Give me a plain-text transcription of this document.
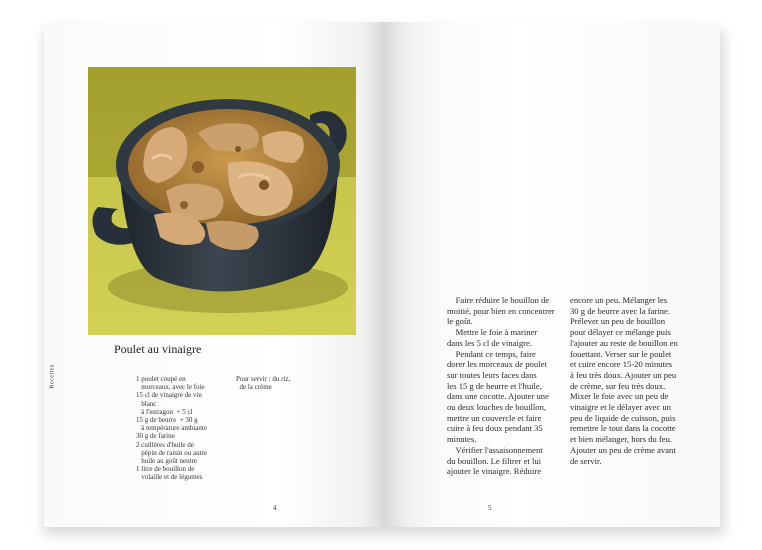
Recettes
Poulet au vinaigre
1 poulet coupé en
morceaux, avec le foie
15 cl de vinaigre de vin
blanc
à l'estragon  + 5 cl
15 g de beurre  + 30 g
à température ambiante
30 g de farine
2 cuillères d'huile de
pépin de raisin ou autre
huile au goût neutre
1 litre de bouillon de
volaille et de légumes
Pour servir : du riz,
de la crème
4
Faire réduire le bouillon de
moitié, pour bien en concentrer
le goût.
Mettre le foie à mariner
dans les 5 cl de vinaigre.
Pendant ce temps, faire
dorer les morceaux de poulet
sur toutes leurs faces dans
les 15 g de beurre et l'huile,
dans une cocotte. Ajouter une
ou deux louches de bouillon,
mettre un couvercle et faire
cuire à feu doux pendant 35
minutes.
Vérifier l'assaisonnement
du bouillon. Le filtrer et lui
ajouter le vinaigre. Réduire
encore un peu. Mélanger les
30 g de beurre avec la farine.
Prélever un peu de bouillon
pour délayer ce mélange puis
l'ajouter au reste de bouillon en
fouettant. Verser sur le poulet
et cuire encore 15-20 minutes
à feu très doux. Ajouter un peu
de crème, sur feu très doux.
Mixer le foie avec un peu de
vinaigre et le délayer avec un
peu de liquide de cuisson, puis
remettre le tout dans la cocotte
et bien mélanger, hors du feu.
Ajouter un peu de crème avant
de servir.
5
